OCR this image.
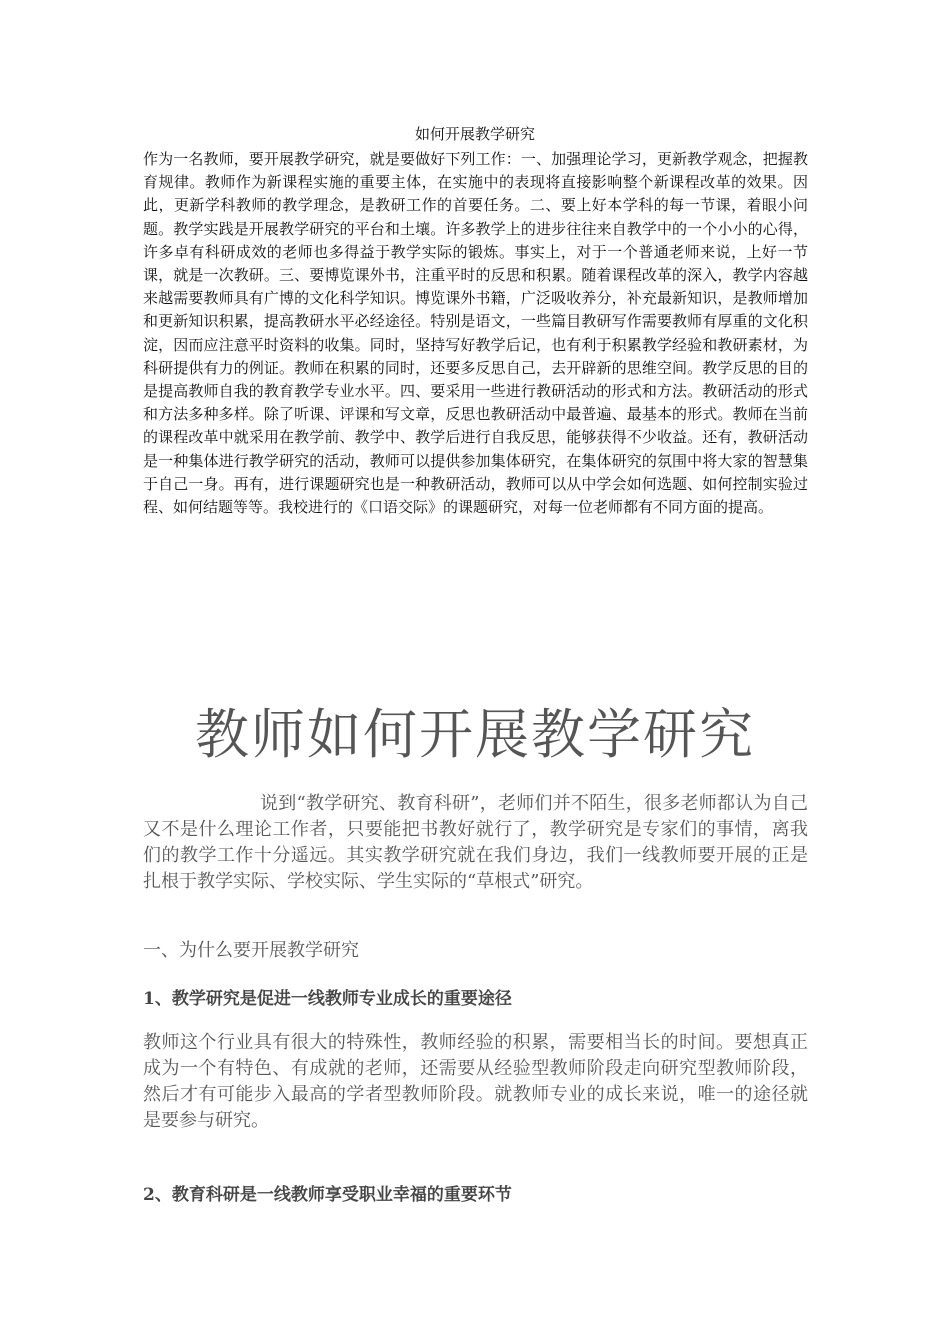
如何开展教学研究

作为一名教师，要开展教学研究，就是要做好下列工作：一、加强理论学习，更新教学观念，把握教育规律。教师作为新课程实施的重要主体，在实施中的表现将直接影响整个新课程改革的效果。因此，更新学科教师的教学理念，是教研工作的首要任务。二、要上好本学科的每一节课，着眼小问题。教学实践是开展教学研究的平台和土壤。许多教学上的进步往往来自教学中的一个小小的心得，许多卓有科研成效的老师也多得益于教学实际的锻炼。事实上，对于一个普通老师来说，上好一节课，就是一次教研。三、要博览课外书，注重平时的反思和积累。随着课程改革的深入，教学内容越来越需要教师具有广博的文化科学知识。博览课外书籍，广泛吸收养分，补充最新知识，是教师增加和更新知识积累，提高教研水平必经途径。特别是语文，一些篇目教研写作需要教师有厚重的文化积淀，因而应注意平时资料的收集。同时，坚持写好教学后记，也有利于积累教学经验和教研素材，为科研提供有力的例证。教师在积累的同时，还要多反思自己，去开辟新的思维空间。教学反思的目的是提高教师自我的教育教学专业水平。四、要采用一些进行教研活动的形式和方法。教研活动的形式和方法多种多样。除了听课、评课和写文章，反思也教研活动中最普遍、最基本的形式。教师在当前的课程改革中就采用在教学前、教学中、教学后进行自我反思，能够获得不少收益。还有，教研活动是一种集体进行教学研究的活动，教师可以提供参加集体研究，在集体研究的氛围中将大家的智慧集于自己一身。再有，进行课题研究也是一种教研活动，教师可以从中学会如何选题、如何控制实验过程、如何结题等等。我校进行的《口语交际》的课题研究，对每一位老师都有不同方面的提高。

教师如何开展教学研究

说到“教学研究、教育科研”，老师们并不陌生，很多老师都认为自己又不是什么理论工作者，只要能把书教好就行了，教学研究是专家们的事情，离我们的教学工作十分遥远。其实教学研究就在我们身边，我们一线教师要开展的正是扎根于教学实际、学校实际、学生实际的“草根式”研究。

一、为什么要开展教学研究

1、教学研究是促进一线教师专业成长的重要途径

教师这个行业具有很大的特殊性，教师经验的积累，需要相当长的时间。要想真正成为一个有特色、有成就的老师，还需要从经验型教师阶段走向研究型教师阶段，然后才有可能步入最高的学者型教师阶段。就教师专业的成长来说，唯一的途径就是要参与研究。

2、教育科研是一线教师享受职业幸福的重要环节
